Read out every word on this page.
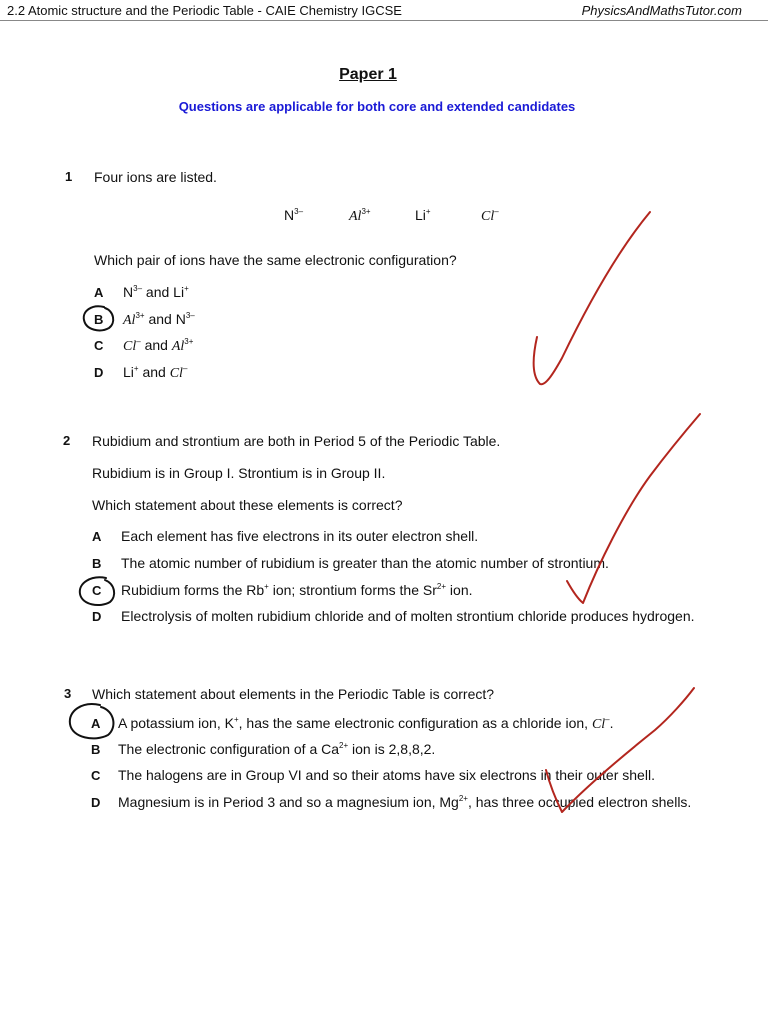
2.2 Atomic structure and the Periodic Table - CAIE Chemistry IGCSE	PhysicsAndMathsTutor.com
Paper 1
Questions are applicable for both core and extended candidates
1 Four ions are listed.
$N^{3-}$	$Al^{3+}$	Li+	Cl–
Which pair of ions have the same electronic configuration?
A $N^{3-}$ and Li+
B $Al^{3+}$ and $N^{3-}$
C Cl– and $Al^{3+}$
D Li+ and Cl–
2 Rubidium and strontium are both in Period 5 of the Periodic Table.
Rubidium is in Group I. Strontium is in Group II.
Which statement about these elements is correct?
A Each element has five electrons in its outer electron shell.
B The atomic number of rubidium is greater than the atomic number of strontium.
C Rubidium forms the Rb+ ion; strontium forms the $Sr^{2+}$ ion.
D Electrolysis of molten rubidium chloride and of molten strontium chloride produces hydrogen.
3 Which statement about elements in the Periodic Table is correct?
A A potassium ion, K+, has the same electronic configuration as a chloride ion, Cl–.
B The electronic configuration of a $Ca^{2+}$ ion is 2,8,8,2.
C The halogens are in Group VI and so their atoms have six electrons in their outer shell.
D Magnesium is in Period 3 and so a magnesium ion, $Mg^{2+}$, has three occupied electron shells.
